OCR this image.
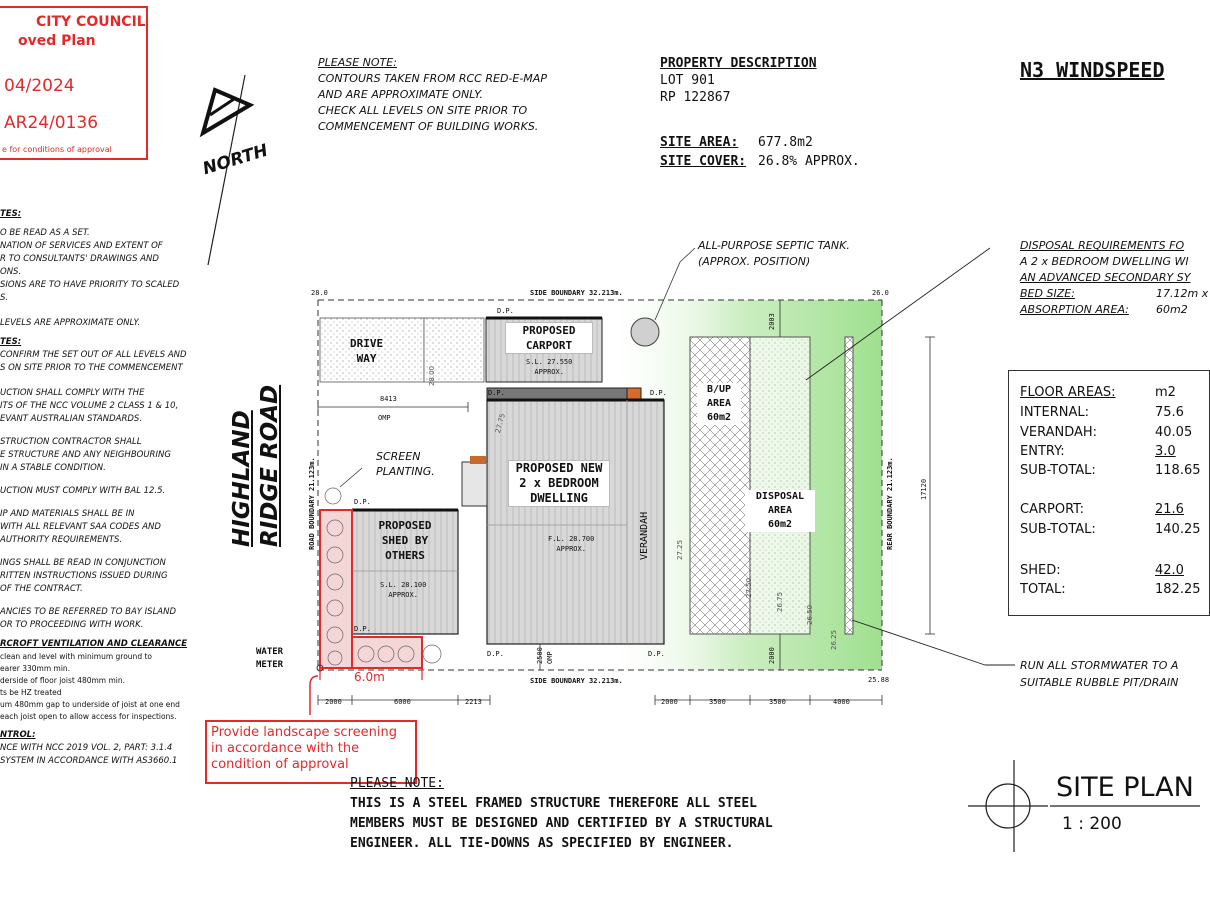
CITY COUNCIL
oved Plan
04/2024
AR24/0136
e for conditions of approval	NORTH
PLEASE NOTE:
CONTOURS TAKEN FROM RCC RED-E-MAP
AND ARE APPROXIMATE ONLY.
CHECK ALL LEVELS ON SITE PRIOR TO
COMMENCEMENT OF BUILDING WORKS.
PROPERTY DESCRIPTION
LOT 901
RP 122867
SITE AREA: 677.8m2
SITE COVER: 26.8% APPROX.
N3 WINDSPEED
DISPOSAL REQUIREMENTS FO
A 2 x BEDROOM DWELLING WI
AN ADVANCED SECONDARY SY
BED SIZE:	17.12m x
ABSORPTION AREA: 60m2
ALL-PURPOSE SEPTIC TANK.
(APPROX. POSITION)
FLOOR AREAS:	m2
INTERNAL:	75.6
VERANDAH:	40.05
ENTRY:	3.0
SUB-TOTAL:	118.65
CARPORT:	21.6
SUB-TOTAL:	140.25
SHED:	42.0
TOTAL:	182.25
TES:
O BE READ AS A SET.
NATION OF SERVICES AND EXTENT OF
R TO CONSULTANTS' DRAWINGS AND
ONS.
SIONS ARE TO HAVE PRIORITY TO SCALED
S.
LEVELS ARE APPROXIMATE ONLY.
TES:
CONFIRM THE SET OUT OF ALL LEVELS AND
S ON SITE PRIOR TO THE COMMENCEMENT
UCTION SHALL COMPLY WITH THE
ITS OF THE NCC VOLUME 2 CLASS 1 & 10,
EVANT AUSTRALIAN STANDARDS.
STRUCTION CONTRACTOR SHALL
E STRUCTURE AND ANY NEIGHBOURING
IN A STABLE CONDITION.
UCTION MUST COMPLY WITH BAL 12.5.
IP AND MATERIALS SHALL BE IN
WITH ALL RELEVANT SAA CODES AND
AUTHORITY REQUIREMENTS.
INGS SHALL BE READ IN CONJUNCTION
RITTEN INSTRUCTIONS ISSUED DURING
OF THE CONTRACT.
ANCIES TO BE REFERRED TO BAY ISLAND
OR TO PROCEEDING WITH WORK.
RCROFT VENTILATION AND CLEARANCE
clean and level with minimum ground to
earer 330mm min.
derside of floor joist 480mm min.
ts be HZ treated
um 480mm gap to underside of joist at one end
each joist open to allow access for inspections.
NTROL:
NCE WITH NCC 2019 VOL. 2, PART: 3.1.4
SYSTEM IN ACCORDANCE WITH AS3660.1
HIGHLAND RIDGE ROAD
SIDE BOUNDARY 32.213m.
SIDE BOUNDARY 32.213m.
ROAD BOUNDARY 21.123m.	REAR BOUNDARY 21.123m.
DRIVE
WAY
PROPOSED
CARPORT
S.L. 27.550
APPROX.
PROPOSED NEW
2 x BEDROOM
DWELLING
F.L. 28.700
APPROX.	VERANDAH
PROPOSED
SHED BY
OTHERS
S.L. 28.100
APPROX.
B/UP
AREA
60m2
DISPOSAL
AREA
60m2
SCREEN
PLANTING.
WATER
METER
D.P.
D.P.	D.P.
D.P.	D.P.
D.P.
D.P.
OMP
OMP
8413
17120
2003
2000
2500
2000	6000	2213	2000	3500	3500	4000
6.0m
28.0	26.0
25.88
28.00
27.75
27.25
27.50
26.75
26.50
26.25
RUN ALL STORMWATER TO A
SUITABLE RUBBLE PIT/DRAIN
Provide landscape screening
in accordance with the
condition of approval
PLEASE NOTE:
THIS IS A STEEL FRAMED STRUCTURE THEREFORE ALL STEEL
MEMBERS MUST BE DESIGNED AND CERTIFIED BY A STRUCTURAL
ENGINEER. ALL TIE-DOWNS AS SPECIFIED BY ENGINEER.
SITE PLAN
1 : 200
